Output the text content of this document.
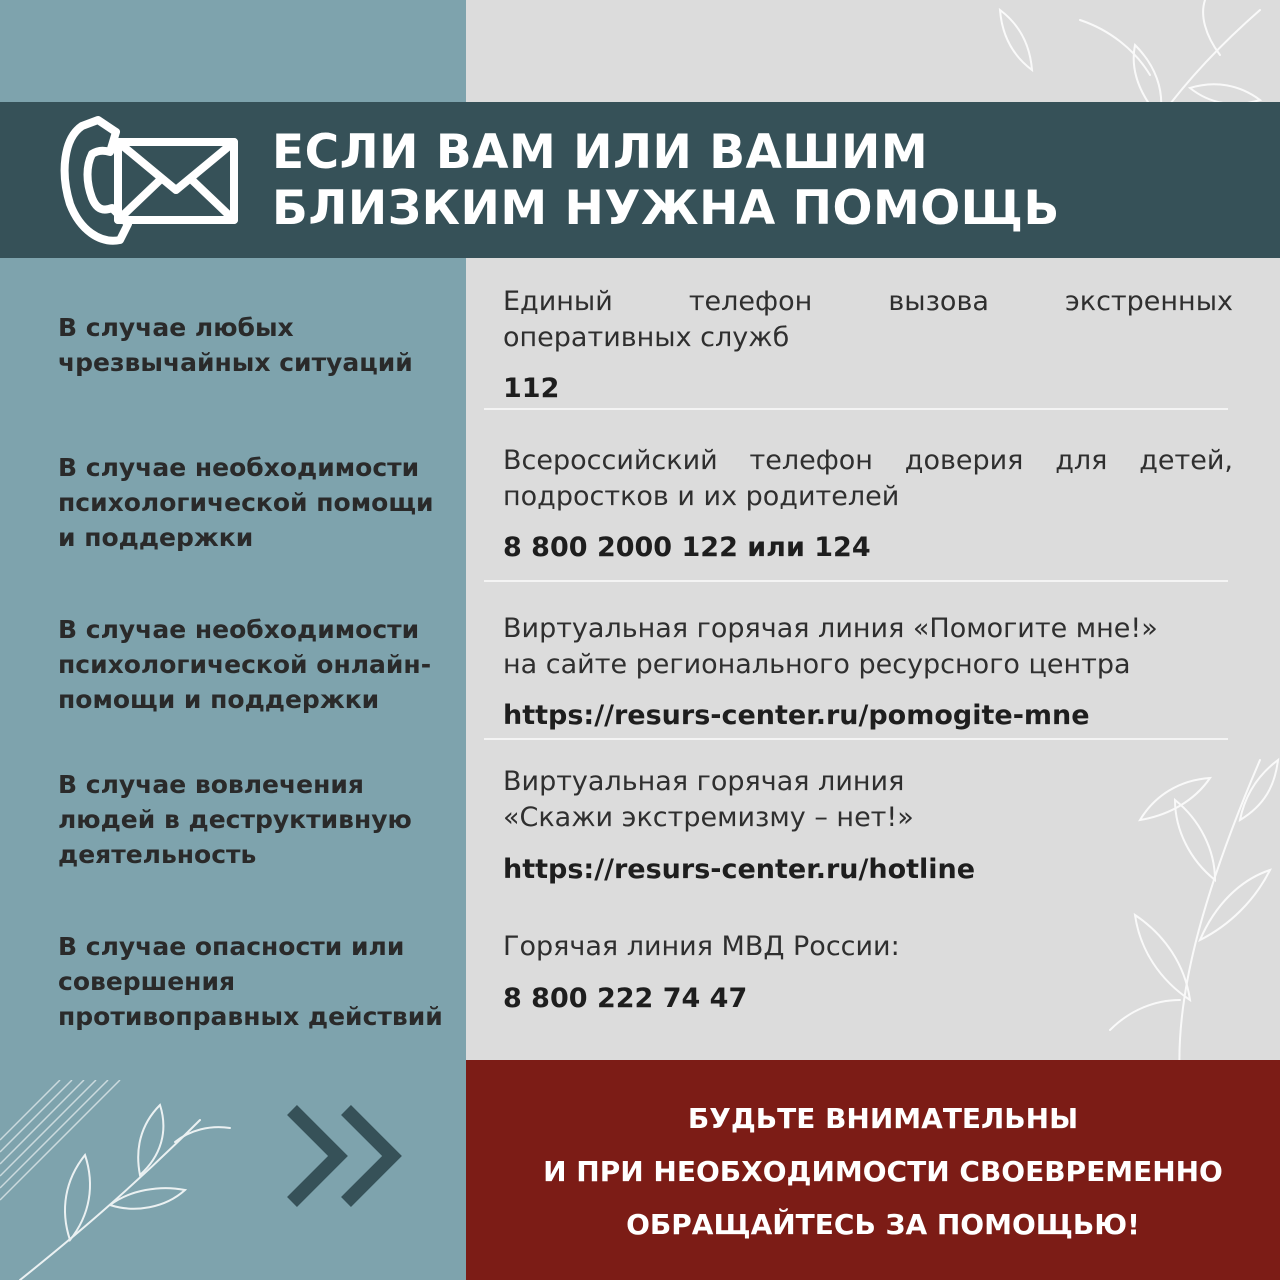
ЕСЛИ ВАМ ИЛИ ВАШИМ
БЛИЗКИМ НУЖНА ПОМОЩЬ
В случае любых чрезвычайных ситуаций
Единый телефон вызова экстренных
оперативных служб
112
В случае необходимости психологической помощи и поддержки
Всероссийский телефон доверия для детей,
подростков и их родителей
8 800 2000 122 или 124
В случае необходимости психологической онлайн-помощи и поддержки
Виртуальная горячая линия «Помогите мне!»
на сайте регионального ресурсного центра
https://resurs-center.ru/pomogite-mne
В случае вовлечения людей в деструктивную деятельность
Виртуальная горячая линия
«Скажи экстремизму – нет!»
https://resurs-center.ru/hotline
В случае опасности или совершения противоправных действий
Горячая линия МВД России:
8 800 222 74 47

БУДЬТЕ ВНИМАТЕЛЬНЫ
И ПРИ НЕОБХОДИМОСТИ СВОЕВРЕМЕННО
ОБРАЩАЙТЕСЬ ЗА ПОМОЩЬЮ!
